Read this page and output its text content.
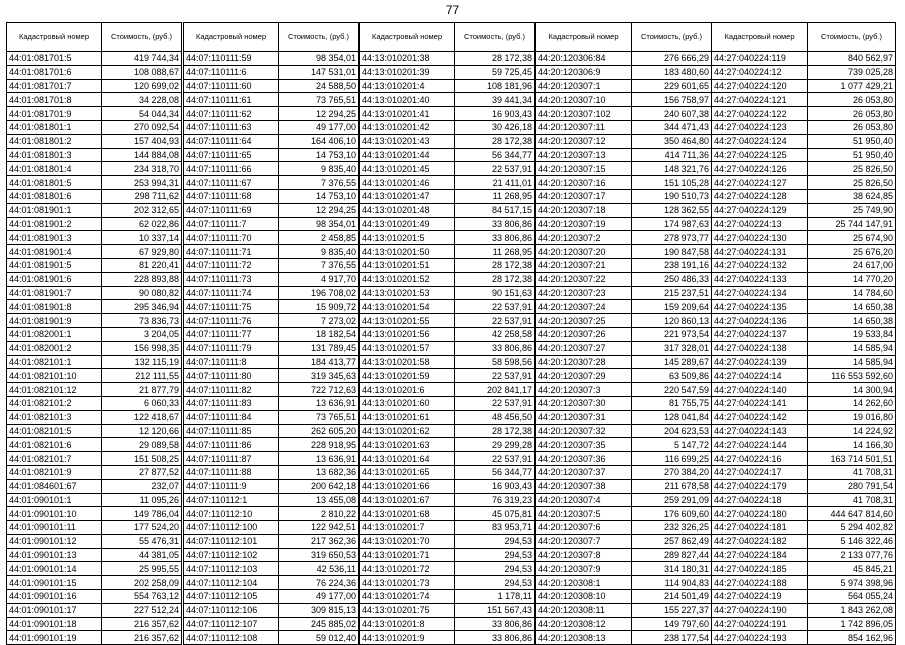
77
Кадастровый номер	Стоимость, (руб.)
44:01:081701:5	419 744,34
44:01:081701:6	108 088,67
44:01:081701:7	120 699,02
44:01:081701:8	34 228,08
44:01:081701:9	54 044,34
44:01:081801:1	270 092,54
44:01:081801:2	157 404,93
44:01:081801:3	144 884,08
44:01:081801:4	234 318,70
44:01:081801:5	253 994,31
44:01:081801:6	298 711,62
44:01:081901:1	202 312,65
44:01:081901:2	62 022,86
44:01:081901:3	10 337,14
44:01:081901:4	67 929,80
44:01:081901:5	81 220,41
44:01:081901:6	228 893,88
44:01:081901:7	90 080,82
44:01:081901:8	295 346,94
44:01:081901:9	73 836,73
44:01:082001:1	3 204,05
44:01:082001:2	156 998,35
44:01:082101:1	132 115,19
44:01:082101:10	212 111,55
44:01:082101:12	21 877,79
44:01:082101:2	6 060,33
44:01:082101:3	122 418,67
44:01:082101:5	12 120,66
44:01:082101:6	29 089,58
44:01:082101:7	151 508,25
44:01:082101:9	27 877,52
44:01:084601:67	232,07
44:01:090101:1	11 095,26
44:01:090101:10	149 786,04
44:01:090101:11	177 524,20
44:01:090101:12	55 476,31
44:01:090101:13	44 381,05
44:01:090101:14	25 995,55
44:01:090101:15	202 258,09
44:01:090101:16	554 763,12
44:01:090101:17	227 512,24
44:01:090101:18	216 357,62
44:01:090101:19	216 357,62
Кадастровый номер	Стоимость, (руб.)
44:07:110111:59	98 354,01
44:07:110111:6	147 531,01
44:07:110111:60	24 588,50
44:07:110111:61	73 765,51
44:07:110111:62	12 294,25
44:07:110111:63	49 177,00
44:07:110111:64	164 406,10
44:07:110111:65	14 753,10
44:07:110111:66	9 835,40
44:07:110111:67	7 376,55
44:07:110111:68	14 753,10
44:07:110111:69	12 294,25
44:07:110111:7	98 354,01
44:07:110111:70	2 458,85
44:07:110111:71	9 835,40
44:07:110111:72	7 376,55
44:07:110111:73	4 917,70
44:07:110111:74	196 708,02
44:07:110111:75	15 909,72
44:07:110111:76	7 273,02
44:07:110111:77	18 182,54
44:07:110111:79	131 789,45
44:07:110111:8	184 413,77
44:07:110111:80	319 345,63
44:07:110111:82	722 712,63
44:07:110111:83	13 636,91
44:07:110111:84	73 765,51
44:07:110111:85	262 605,20
44:07:110111:86	228 918,95
44:07:110111:87	13 636,91
44:07:110111:88	13 682,36
44:07:110111:9	200 642,18
44:07:110112:1	13 455,08
44:07:110112:10	2 810,22
44:07:110112:100	122 942,51
44:07:110112:101	217 362,36
44:07:110112:102	319 650,53
44:07:110112:103	42 536,11
44:07:110112:104	76 224,36
44:07:110112:105	49 177,00
44:07:110112:106	309 815,13
44:07:110112:107	245 885,02
44:07:110112:108	59 012,40
Кадастровый номер	Стоимость, (руб.)
44:13:010201:38	28 172,38
44:13:010201:39	59 725,45
44:13:010201:4	108 181,96
44:13:010201:40	39 441,34
44:13:010201:41	16 903,43
44:13:010201:42	30 426,18
44:13:010201:43	28 172,38
44:13:010201:44	56 344,77
44:13:010201:45	22 537,91
44:13:010201:46	21 411,01
44:13:010201:47	11 268,95
44:13:010201:48	84 517,15
44:13:010201:49	33 806,86
44:13:010201:5	33 806,86
44:13:010201:50	11 268,95
44:13:010201:51	28 172,38
44:13:010201:52	28 172,38
44:13:010201:53	90 151,63
44:13:010201:54	22 537,91
44:13:010201:55	22 537,91
44:13:010201:56	42 258,58
44:13:010201:57	33 806,86
44:13:010201:58	58 598,56
44:13:010201:59	22 537,91
44:13:010201:6	202 841,17
44:13:010201:60	22 537,91
44:13:010201:61	48 456,50
44:13:010201:62	28 172,38
44:13:010201:63	29 299,28
44:13:010201:64	22 537,91
44:13:010201:65	56 344,77
44:13:010201:66	16 903,43
44:13:010201:67	76 319,23
44:13:010201:68	45 075,81
44:13:010201:7	83 953,71
44:13:010201:70	294,53
44:13:010201:71	294,53
44:13:010201:72	294,53
44:13:010201:73	294,53
44:13:010201:74	1 178,11
44:13:010201:75	151 567,43
44:13:010201:8	33 806,86
44:13:010201:9	33 806,86
Кадастровый номер	Стоимость, (руб.)
44:20:120306:84	276 666,29
44:20:120306:9	183 480,60
44:20:120307:1	229 601,65
44:20:120307:10	156 758,97
44:20:120307:102	240 607,38
44:20:120307:11	344 471,43
44:20:120307:12	350 464,80
44:20:120307:13	414 711,36
44:20:120307:15	148 321,76
44:20:120307:16	151 105,28
44:20:120307:17	190 510,73
44:20:120307:18	128 362,55
44:20:120307:19	174 987,63
44:20:120307:2	278 973,77
44:20:120307:20	190 847,58
44:20:120307:21	238 191,16
44:20:120307:22	250 486,33
44:20:120307:23	215 237,51
44:20:120307:24	159 209,64
44:20:120307:25	120 860,13
44:20:120307:26	221 973,54
44:20:120307:27	317 328,01
44:20:120307:28	145 289,67
44:20:120307:29	63 509,86
44:20:120307:3	220 547,59
44:20:120307:30	81 755,75
44:20:120307:31	128 041,84
44:20:120307:32	204 623,53
44:20:120307:35	5 147,72
44:20:120307:36	116 699,25
44:20:120307:37	270 384,20
44:20:120307:38	211 678,58
44:20:120307:4	259 291,09
44:20:120307:5	176 609,60
44:20:120307:6	232 326,25
44:20:120307:7	257 862,49
44:20:120307:8	289 827,44
44:20:120307:9	314 180,31
44:20:120308:1	114 904,83
44:20:120308:10	214 501,49
44:20:120308:11	155 227,37
44:20:120308:12	149 797,60
44:20:120308:13	238 177,54
Кадастровый номер	Стоимость, (руб.)
44:27:040224:119	840 562,97
44:27:040224:12	739 025,28
44:27:040224:120	1 077 429,21
44:27:040224:121	26 053,80
44:27:040224:122	26 053,80
44:27:040224:123	26 053,80
44:27:040224:124	51 950,40
44:27:040224:125	51 950,40
44:27:040224:126	25 826,50
44:27:040224:127	25 826,50
44:27:040224:128	38 624,85
44:27:040224:129	25 749,90
44:27:040224:13	25 744 147,91
44:27:040224:130	25 674,90
44:27:040224:131	25 676,20
44:27:040224:132	24 617,00
44:27:040224:133	14 770,20
44:27:040224:134	14 784,60
44:27:040224:135	14 650,38
44:27:040224:136	14 650,38
44:27:040224:137	19 533,84
44:27:040224:138	14 585,94
44:27:040224:139	14 585,94
44:27:040224:14	116 553 592,60
44:27:040224:140	14 300,94
44:27:040224:141	14 262,60
44:27:040224:142	19 016,80
44:27:040224:143	14 224,92
44:27:040224:144	14 166,30
44:27:040224:16	163 714 501,51
44:27:040224:17	41 708,31
44:27:040224:179	280 791,54
44:27:040224:18	41 708,31
44:27:040224:180	444 647 814,60
44:27:040224:181	5 294 402,82
44:27:040224:182	5 146 322,46
44:27:040224:184	2 133 077,76
44:27:040224:185	45 845,21
44:27:040224:188	5 974 398,96
44:27:040224:19	564 055,24
44:27:040224:190	1 843 262,08
44:27:040224:191	1 742 896,05
44:27:040224:193	854 162,96
